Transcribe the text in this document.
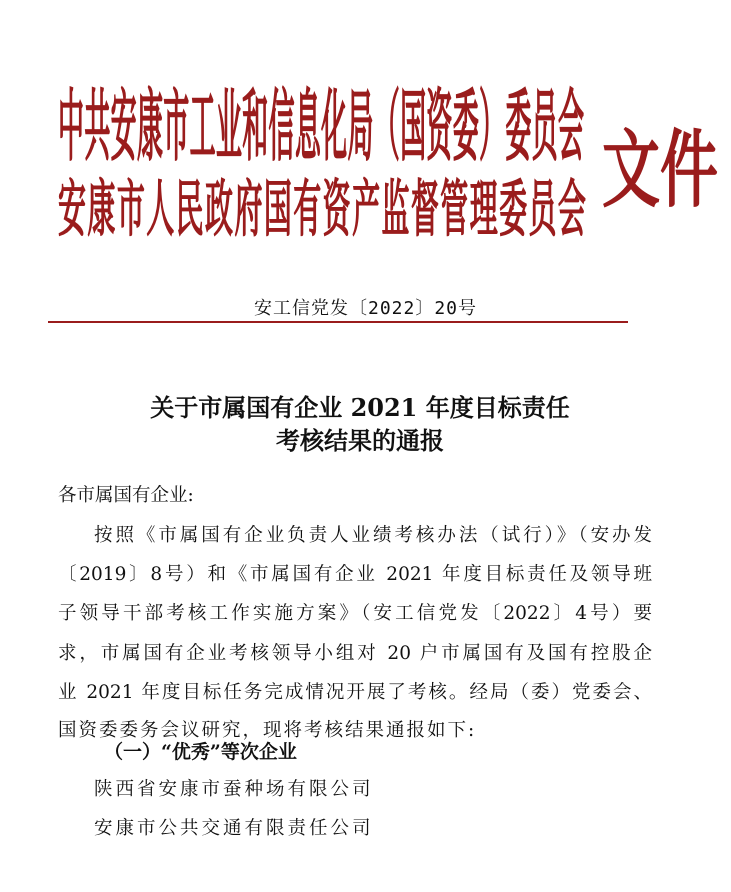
中 共 安 康 市 工 业 和 信 息 化 局 （ 国 资 委 ） 委 员 会
安 康 市 人 民 政 府 国 有 资 产 监 督 管 理 委 员 会 文 件
安工信党发〔2022〕20号
关于市属国有企业 2021 年度目标责任
考核结果的通报
各市属国有企业:
按照《市属国有企业负责人业绩考核办法（试行）》（安办发
〔2019〕8号）和《市属国有企业 2021 年度目标责任及领导班
子领导干部考核工作实施方案》（安工信党发〔2022〕4号）要
求，市属国有企业考核领导小组对 20 户市属国有及国有控股企
业 2021 年度目标任务完成情况开展了考核。经局（委）党委会、
国资委委务会议研究，现将考核结果通报如下:
（一）“优秀”等次企业
陕西省安康市蚕种场有限公司
安康市公共交通有限责任公司
